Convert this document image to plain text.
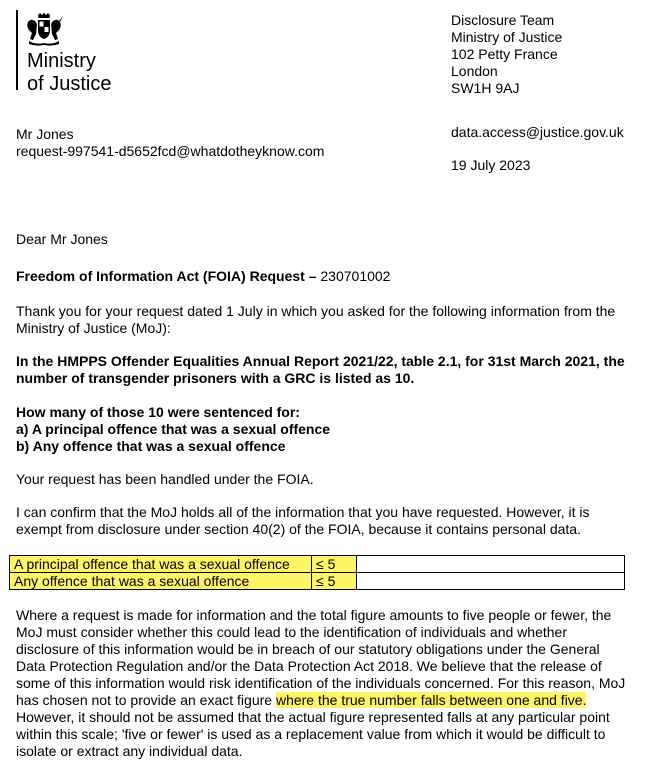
Ministry
of Justice
Disclosure Team
Ministry of Justice
102 Petty France
London
SW1H 9AJ
data.access@justice.gov.uk
19 July 2023
Mr Jones
request-997541-d5652fcd@whatdotheyknow.com
Dear Mr Jones
Freedom of Information Act (FOIA) Request – 230701002
Thank you for your request dated 1 July in which you asked for the following information from the Ministry of Justice (MoJ):
In the HMPPS Offender Equalities Annual Report 2021/22, table 2.1, for 31st March 2021, the number of transgender prisoners with a GRC is listed as 10.
How many of those 10 were sentenced for:
a) A principal offence that was a sexual offence
b) Any offence that was a sexual offence
Your request has been handled under the FOIA.
I can confirm that the MoJ holds all of the information that you have requested. However, it is exempt from disclosure under section 40(2) of the FOIA, because it contains personal data.
A principal offence that was a sexual offence	≤ 5	
Any offence that was a sexual offence	≤ 5	
Where a request is made for information and the total figure amounts to five people or fewer, the MoJ must consider whether this could lead to the identification of individuals and whether disclosure of this information would be in breach of our statutory obligations under the General Data Protection Regulation and/or the Data Protection Act 2018. We believe that the release of some of this information would risk identification of the individuals concerned. For this reason, MoJ has chosen not to provide an exact figure where the true number falls between one and five. However, it should not be assumed that the actual figure represented falls at any particular point within this scale; 'five or fewer' is used as a replacement value from which it would be difficult to isolate or extract any individual data.
